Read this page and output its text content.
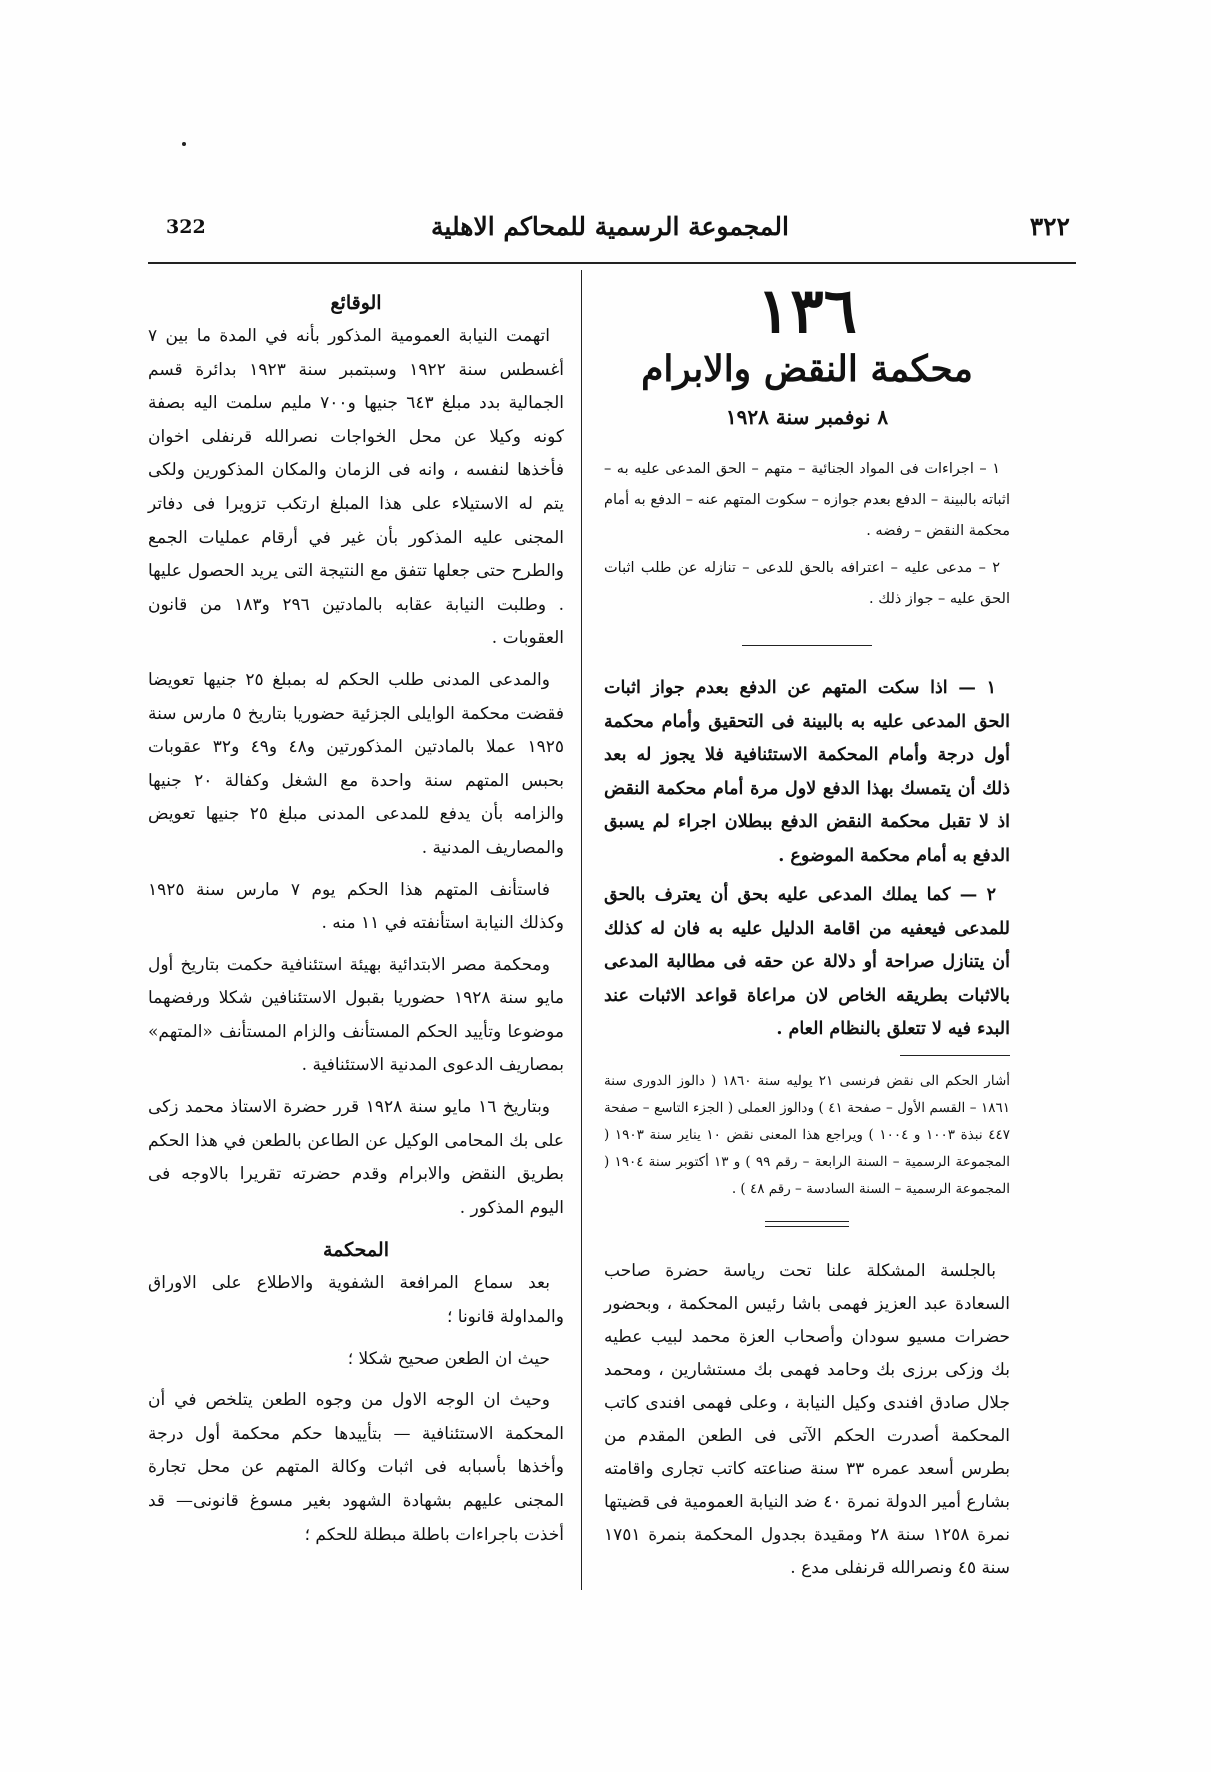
322	المجموعة الرسمية للمحاكم الاهلية	٣٢٢
١٣٦
محكمة النقض والابرام
٨ نوفمبر سنة ١٩٢٨

١ – اجراءات فى المواد الجنائية – متهم – الحق المدعى عليه به – اثباته بالبينة – الدفع بعدم جوازه – سكوت المتهم عنه – الدفع به أمام محكمة النقض – رفضه .

٢ – مدعى عليه – اعترافه بالحق للدعى – تنازله عن طلب اثبات الحق عليه – جواز ذلك .

١ — اذا سكت المتهم عن الدفع بعدم جواز اثبات الحق المدعى عليه به بالبينة فى التحقيق وأمام محكمة أول درجة وأمام المحكمة الاستئنافية فلا يجوز له بعد ذلك أن يتمسك بهذا الدفع لاول مرة أمام محكمة النقض اذ لا تقبل محكمة النقض الدفع ببطلان اجراء لم يسبق الدفع به أمام محكمة الموضوع .

٢ — كما يملك المدعى عليه بحق أن يعترف بالحق للمدعى فيعفيه من اقامة الدليل عليه به فان له كذلك أن يتنازل صراحة أو دلالة عن حقه فى مطالبة المدعى بالاثبات بطريقه الخاص لان مراعاة قواعد الاثبات عند البدء فيه لا تتعلق بالنظام العام .

أشار الحكم الى نقض فرنسى ٢١ يوليه سنة ١٨٦٠ ( دالوز الدورى سنة ١٨٦١ – القسم الأول – صفحة ٤١ ) ودالوز العملى ( الجزء التاسع – صفحة ٤٤٧ نبذة ١٠٠٣ و ١٠٠٤ ) ويراجع هذا المعنى نقض ١٠ يناير سنة ١٩٠٣ ( المجموعة الرسمية – السنة الرابعة – رقم ٩٩ ) و ١٣ أكتوبر سنة ١٩٠٤ ( المجموعة الرسمية – السنة السادسة – رقم ٤٨ ) .

بالجلسة المشكلة علنا تحت رياسة حضرة صاحب السعادة عبد العزيز فهمى باشا رئيس المحكمة ، وبحضور حضرات مسيو سودان وأصحاب العزة محمد لبيب عطيه بك وزكى برزى بك وحامد فهمى بك مستشارين ، ومحمد جلال صادق افندى وكيل النيابة ، وعلى فهمى افندى كاتب المحكمة أصدرت الحكم الآتى فى الطعن المقدم من بطرس أسعد عمره ٣٣ سنة صناعته كاتب تجارى واقامته بشارع أمير الدولة نمرة ٤٠ ضد النيابة العمومية فى قضيتها نمرة ١٢٥٨ سنة ٢٨ ومقيدة بجدول المحكمة بنمرة ١٧٥١ سنة ٤٥ ونصرالله قرنفلى مدع .

الوقائع

اتهمت النيابة العمومية المذكور بأنه في المدة ما بين ٧ أغسطس سنة ١٩٢٢ وسبتمبر سنة ١٩٢٣ بدائرة قسم الجمالية بدد مبلغ ٦٤٣ جنيها و٧٠٠ مليم سلمت اليه بصفة كونه وكيلا عن محل الخواجات نصرالله قرنفلى اخوان فأخذها لنفسه ، وانه فى الزمان والمكان المذكورين ولكى يتم له الاستيلاء على هذا المبلغ ارتكب تزويرا فى دفاتر المجنى عليه المذكور بأن غير في أرقام عمليات الجمع والطرح حتى جعلها تتفق مع النتيجة التى يريد الحصول عليها . وطلبت النيابة عقابه بالمادتين ٢٩٦ و١٨٣ من قانون العقوبات .

والمدعى المدنى طلب الحكم له بمبلغ ٢٥ جنيها تعويضا فقضت محكمة الوايلى الجزئية حضوريا بتاريخ ٥ مارس سنة ١٩٢٥ عملا بالمادتين المذكورتين و٤٨ و٤٩ و٣٢ عقوبات بحبس المتهم سنة واحدة مع الشغل وكفالة ٢٠ جنيها والزامه بأن يدفع للمدعى المدنى مبلغ ٢٥ جنيها تعويض والمصاريف المدنية .

فاستأنف المتهم هذا الحكم يوم ٧ مارس سنة ١٩٢٥ وكذلك النيابة استأنفته في ١١ منه .

ومحكمة مصر الابتدائية بهيئة استئنافية حكمت بتاريخ أول مايو سنة ١٩٢٨ حضوريا بقبول الاستئنافين شكلا ورفضهما موضوعا وتأييد الحكم المستأنف والزام المستأنف «المتهم» بمصاريف الدعوى المدنية الاستئنافية .

وبتاريخ ١٦ مايو سنة ١٩٢٨ قرر حضرة الاستاذ محمد زكى على بك المحامى الوكيل عن الطاعن بالطعن في هذا الحكم بطريق النقض والابرام وقدم حضرته تقريرا بالاوجه فى اليوم المذكور .

المحكمة

بعد سماع المرافعة الشفوية والاطلاع على الاوراق والمداولة قانونا ؛

حيث ان الطعن صحيح شكلا ؛

وحيث ان الوجه الاول من وجوه الطعن يتلخص في أن المحكمة الاستئنافية — بتأييدها حكم محكمة أول درجة وأخذها بأسبابه فى اثبات وكالة المتهم عن محل تجارة المجنى عليهم بشهادة الشهود بغير مسوغ قانونى— قد أخذت باجراءات باطلة مبطلة للحكم ؛
